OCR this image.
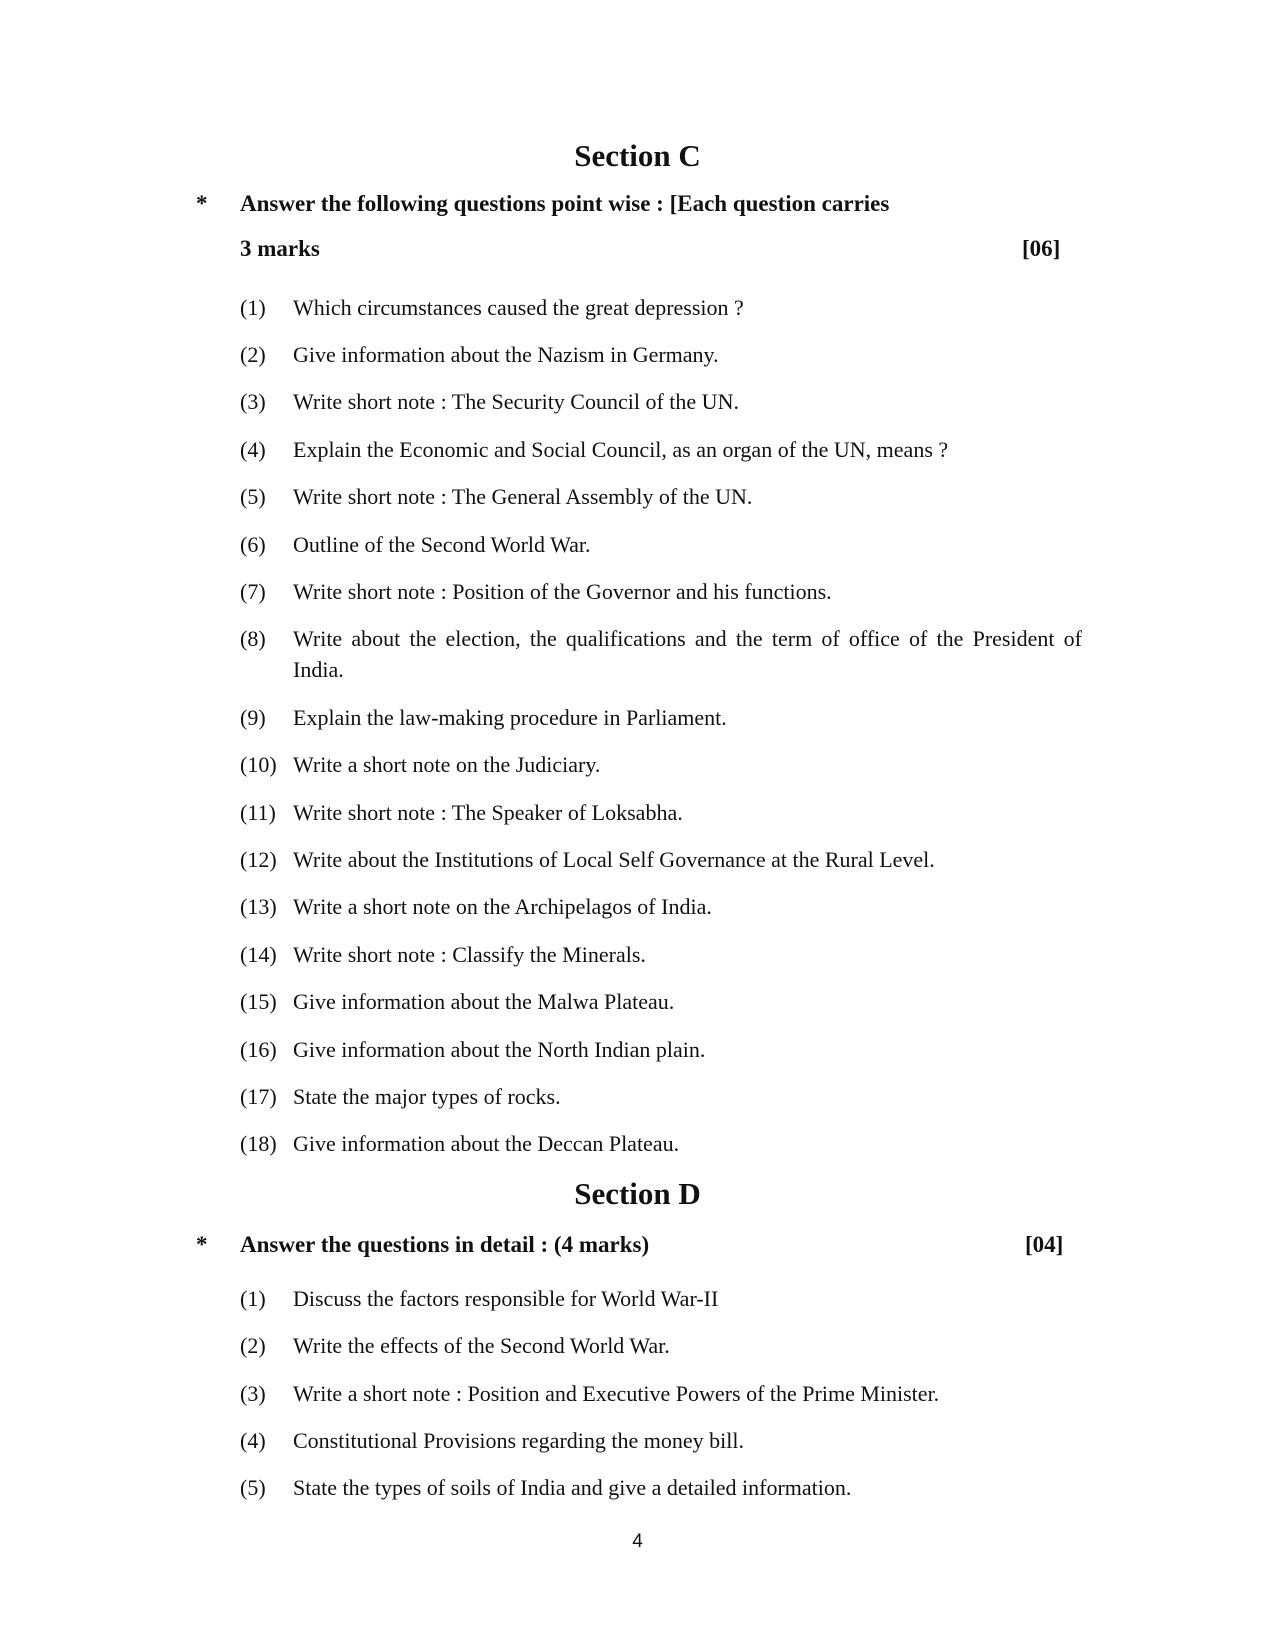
Section C
* Answer the following questions point wise : [Each question carries
3 marks	[06]
(1) Which circumstances caused the great depression ?
(2) Give information about the Nazism in Germany.
(3) Write short note : The Security Council of the UN.
(4) Explain the Economic and Social Council, as an organ of the UN, means ?
(5) Write short note : The General Assembly of the UN.
(6) Outline of the Second World War.
(7) Write short note : Position of the Governor and his functions.
(8) Write about the election, the qualifications and the term of office of the President of India.
(9) Explain the law-making procedure in Parliament.
(10) Write a short note on the Judiciary.
(11) Write short note : The Speaker of Loksabha.
(12) Write about the Institutions of Local Self Governance at the Rural Level.
(13) Write a short note on the Archipelagos of India.
(14) Write short note : Classify the Minerals.
(15) Give information about the Malwa Plateau.
(16) Give information about the North Indian plain.
(17) State the major types of rocks.
(18) Give information about the Deccan Plateau.
Section D
* Answer the questions in detail : (4 marks)	[04]
(1) Discuss the factors responsible for World War-II
(2) Write the effects of the Second World War.
(3) Write a short note : Position and Executive Powers of the Prime Minister.
(4) Constitutional Provisions regarding the money bill.
(5) State the types of soils of India and give a detailed information.
4
